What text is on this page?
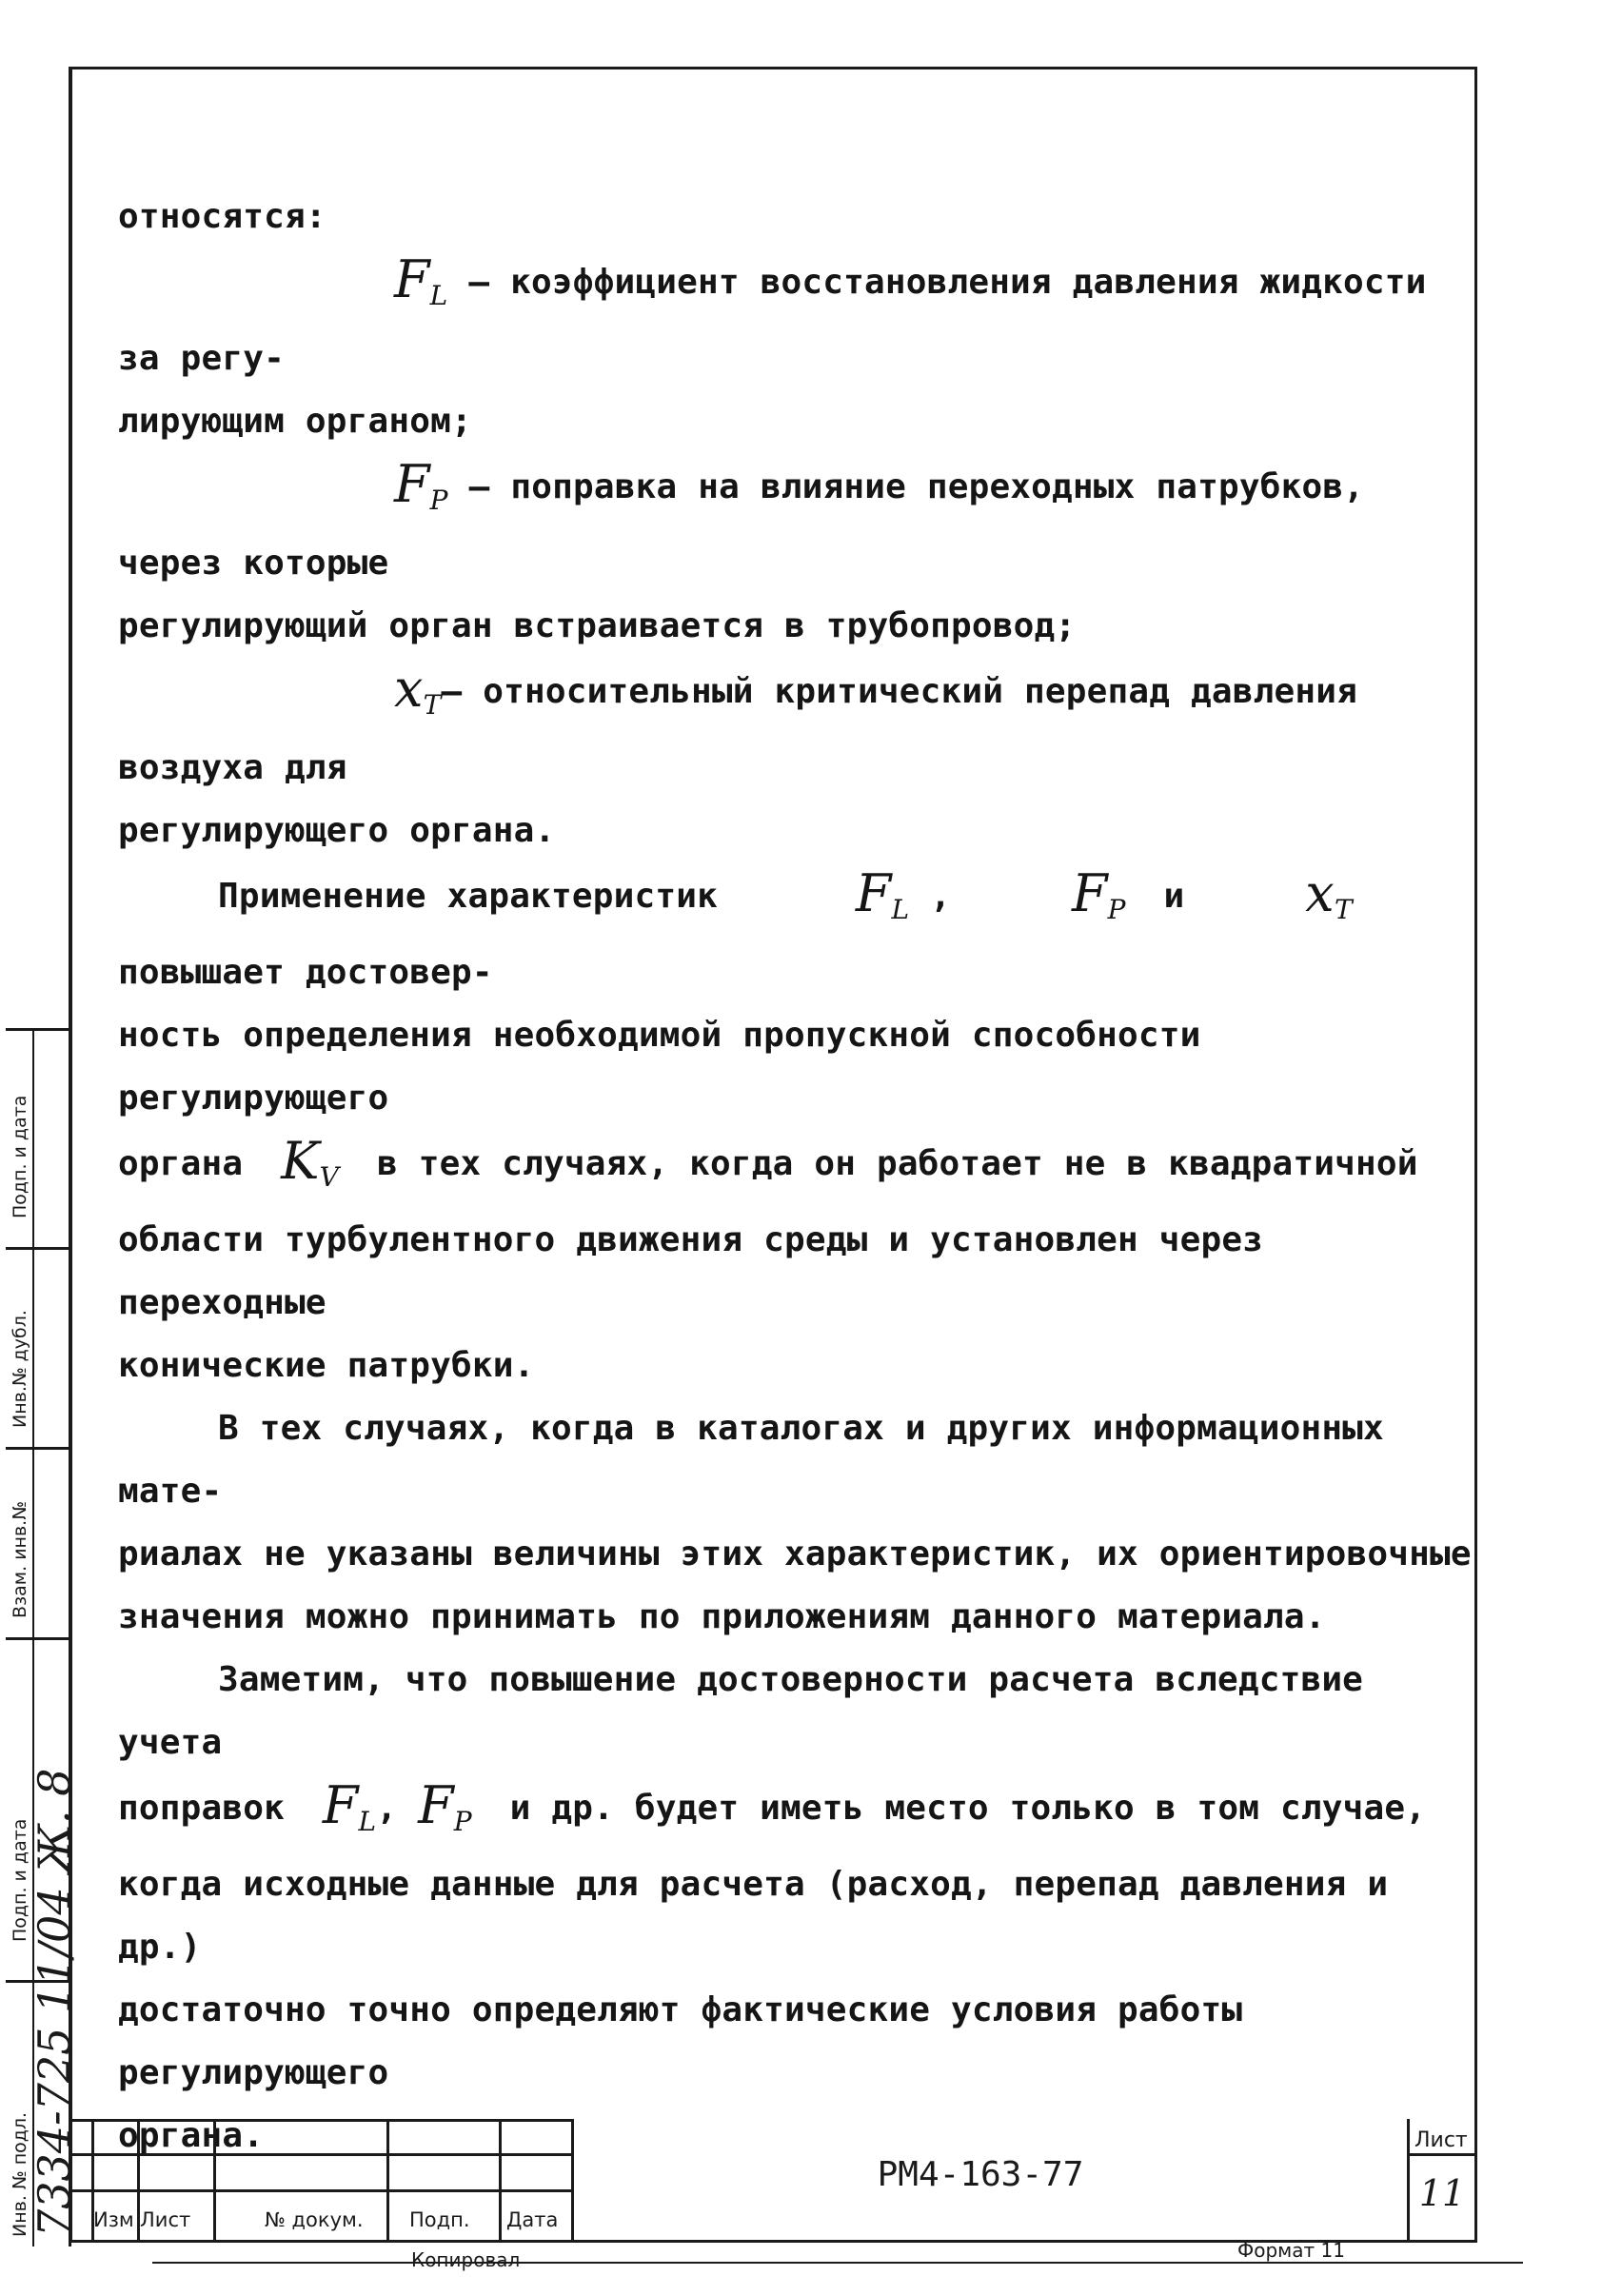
относятся:

$F_L$ – коэффициент восстановления давления жидкости за регу-

лирующим органом;

$F_P$ – поправка на влияние переходных патрубков, через которые

регулирующий орган встраивается в трубопровод;

$x_T-$ относительный критический перепад давления воздуха для

регулирующего органа.

Применение характеристик $F_L$ , $F_P$ и $x_T$ повышает достовер-

ность определения необходимой пропускной способности регулирующего

органа $K_V$ в тех случаях, когда он работает не в квадратичной

области турбулентного движения среды и установлен через переходные

конические патрубки.

В тех случаях, когда в каталогах и других информационных мате-

риалах не указаны величины этих характеристик, их ориентировочные

значения можно принимать по приложениям данного материала.

Заметим, что повышение достоверности расчета вследствие учета

поправок $F_L$, $F_P$ и др. будет иметь место только в том случае,

когда исходные данные для расчета (расход, перепад давления и др.)

достаточно точно определяют фактические условия работы регулирующего

органа.

Изм Лист	№ докум. Подп. Дата
РМ4-163-77
Лист
11
Копировал	Формат 11
Подп. и дата
Инв.№ дубл.
Взам. инв.№
Подп. и дата
Инв. № подл.
7334-725 11/04 Ж. 8
